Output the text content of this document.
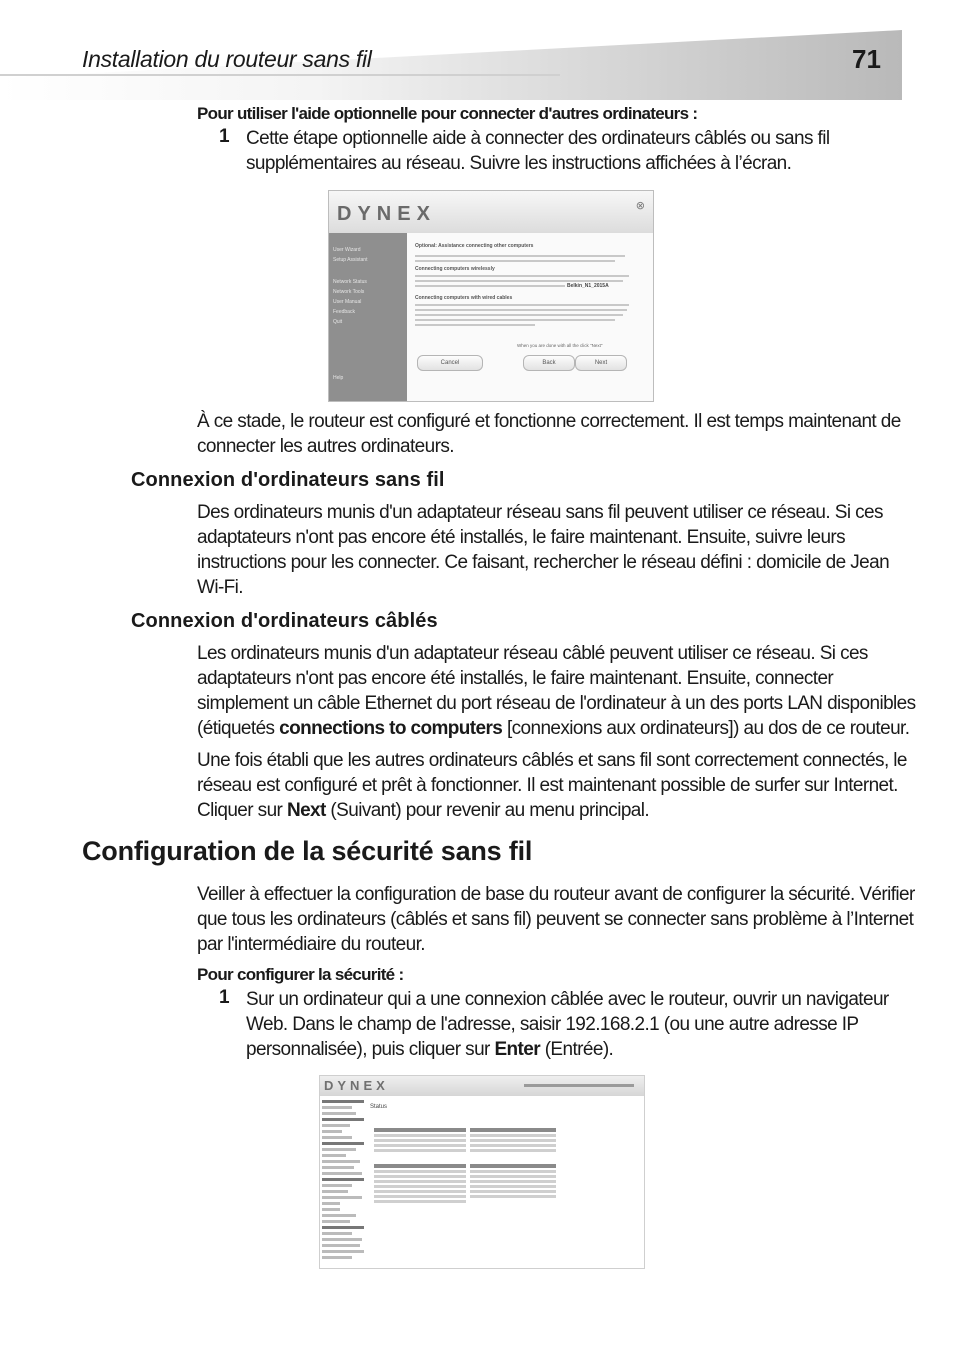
Installation du routeur sans fil	71

Pour utiliser l'aide optionnelle pour connecter d'autres ordinateurs :

1 Cette étape optionnelle aide à connecter des ordinateurs câblés ou sans fil

supplémentaires au réseau. Suivre les instructions affichées à l’écran.

DYNEX	⊗
User Wizard
Setup Assistant
Network Status
Network Tools
User Manual
Feedback
Quit
Help
Optional: Assistance connecting other computers
Connecting computers wirelessly
Belkin_N1_2015A
Connecting computers with wired cables
When you are done with all the click "Next"
Cancel	Back	Next

À ce stade, le routeur est configuré et fonctionne correctement. Il est temps maintenant de

connecter les autres ordinateurs.

Connexion d'ordinateurs sans fil

Des ordinateurs munis d'un adaptateur réseau sans fil peuvent utiliser ce réseau. Si ces

adaptateurs n'ont pas encore été installés, le faire maintenant. Ensuite, suivre leurs

instructions pour les connecter. Ce faisant, rechercher le réseau défini : domicile de Jean

Wi-Fi.

Connexion d'ordinateurs câblés

Les ordinateurs munis d'un adaptateur réseau câblé peuvent utiliser ce réseau. Si ces

adaptateurs n'ont pas encore été installés, le faire maintenant. Ensuite, connecter

simplement un câble Ethernet du port réseau de l'ordinateur à un des ports LAN disponibles

(étiquetés connections to computers [connexions aux ordinateurs]) au dos de ce routeur.

Une fois établi que les autres ordinateurs câblés et sans fil sont correctement connectés, le

réseau est configuré et prêt à fonctionner. Il est maintenant possible de surfer sur Internet.

Cliquer sur Next (Suivant) pour revenir au menu principal.

Configuration de la sécurité sans fil

Veiller à effectuer la configuration de base du routeur avant de configurer la sécurité. Vérifier

que tous les ordinateurs (câblés et sans fil) peuvent se connecter sans problème à l’Internet

par l'intermédiaire du routeur.

Pour configurer la sécurité :

1 Sur un ordinateur qui a une connexion câblée avec le routeur, ouvrir un navigateur

Web. Dans le champ de l'adresse, saisir 192.168.2.1 (ou une autre adresse IP

personnalisée), puis cliquer sur Enter (Entrée).

DYNEX
Status
